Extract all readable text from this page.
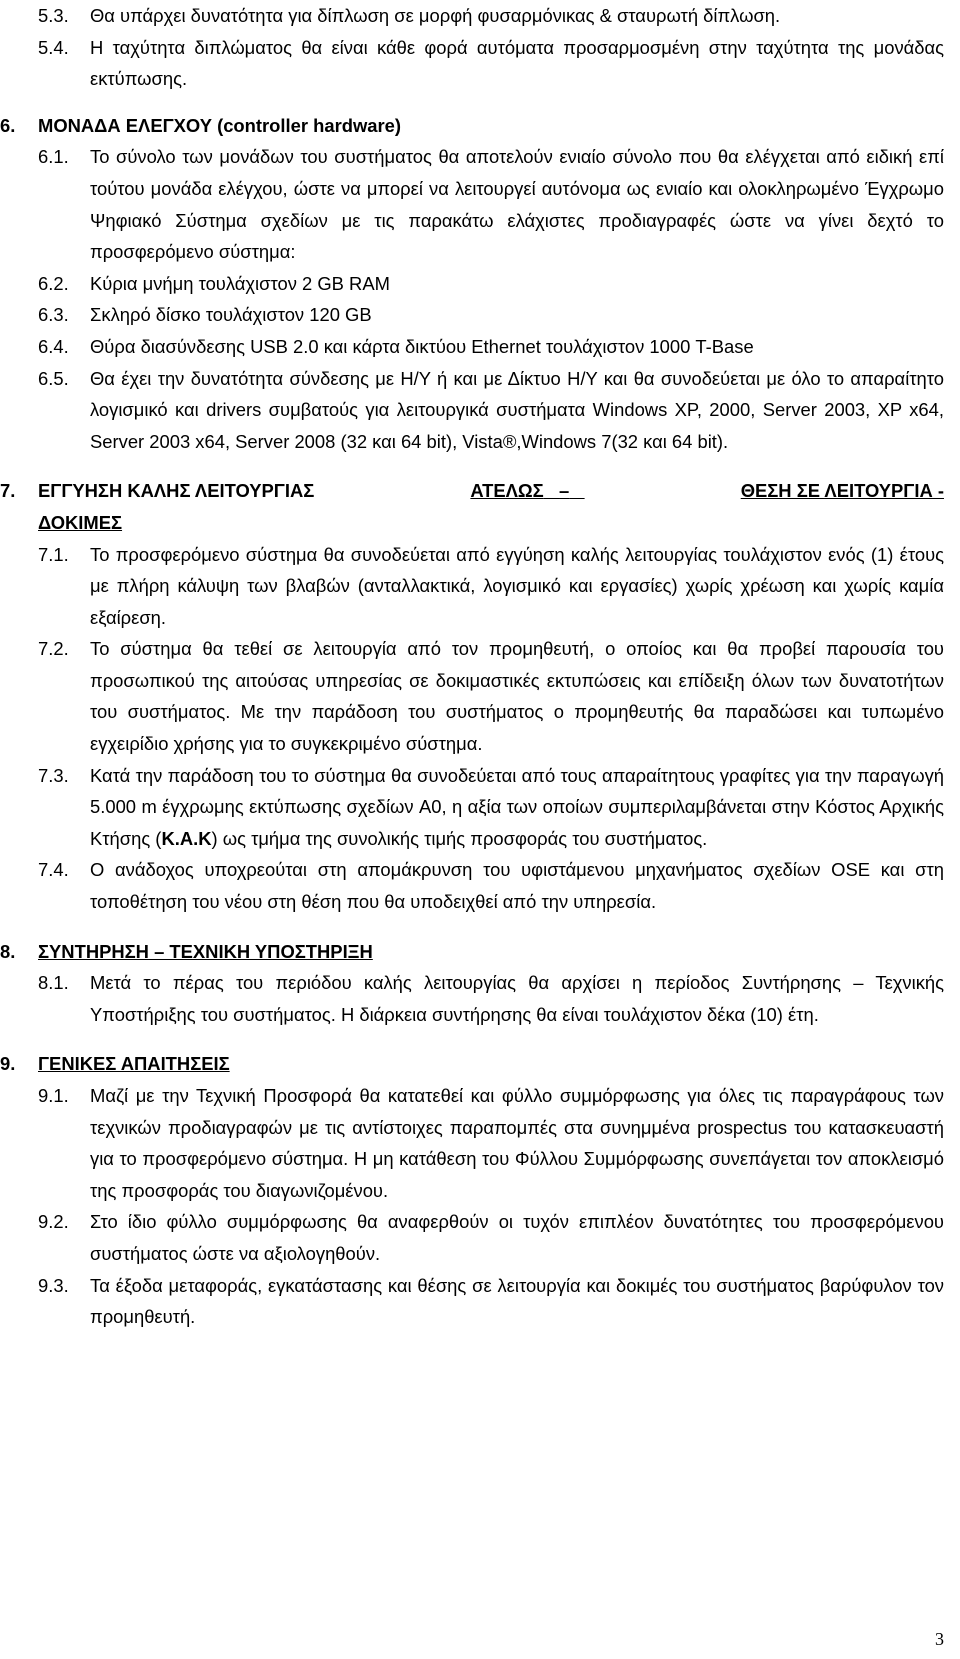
5.3. Θα υπάρχει δυνατότητα για δίπλωση σε μορφή φυσαρμόνικας & σταυρωτή δίπλωση.
5.4. Η ταχύτητα διπλώματος θα είναι κάθε φορά αυτόματα προσαρμοσμένη στην ταχύτητα της μονάδας εκτύπωσης.
6. ΜΟΝΑΔΑ ΕΛΕΓΧΟΥ (controller hardware)
6.1. Το σύνολο των μονάδων του συστήματος θα αποτελούν ενιαίο σύνολο που θα ελέγχεται από ειδική επί τούτου μονάδα ελέγχου, ώστε να μπορεί να λειτουργεί αυτόνομα ως ενιαίο και ολοκληρωμένο Έγχρωμο Ψηφιακό Σύστημα σχεδίων με τις παρακάτω ελάχιστες προδιαγραφές ώστε να γίνει δεχτό το προσφερόμενο σύστημα:
6.2. Κύρια μνήμη τουλάχιστον 2 GB RAM
6.3. Σκληρό δίσκο τουλάχιστον 120 GB
6.4. Θύρα διασύνδεσης USB 2.0 και κάρτα δικτύου Ethernet τουλάχιστον 1000 T-Base
6.5. Θα έχει την δυνατότητα σύνδεσης με Η/Υ ή και με Δίκτυο Η/Υ και θα συνοδεύεται με όλο το απαραίτητο λογισμικό και drivers συμβατούς για λειτουργικά συστήματα Windows XP, 2000, Server 2003, XP x64, Server 2003 x64, Server 2008 (32 και 64 bit), Vista®,Windows 7(32 και 64 bit).
7. ΕΓΓΥΗΣΗ ΚΑΛΗΣ ΛΕΙΤΟΥΡΓΙΑΣ	ΑΤΕΛΩΣ –	ΘΕΣΗ ΣΕ ΛΕΙΤΟΥΡΓΙΑ -
ΔΟΚΙΜΕΣ
7.1. Το προσφερόμενο σύστημα θα συνοδεύεται από εγγύηση καλής λειτουργίας τουλάχιστον ενός (1) έτους με πλήρη κάλυψη των βλαβών (ανταλλακτικά, λογισμικό και εργασίες) χωρίς χρέωση και χωρίς καμία εξαίρεση.
7.2. Το σύστημα θα τεθεί σε λειτουργία από τον προμηθευτή, ο οποίος και θα προβεί παρουσία του προσωπικού της αιτούσας υπηρεσίας σε δοκιμαστικές εκτυπώσεις και επίδειξη όλων των δυνατοτήτων του συστήματος. Με την παράδοση του συστήματος ο προμηθευτής θα παραδώσει και τυπωμένο εγχειρίδιο χρήσης για το συγκεκριμένο σύστημα.
7.3. Κατά την παράδοση του το σύστημα θα συνοδεύεται από τους απαραίτητους γραφίτες για την παραγωγή 5.000 m έγχρωμης εκτύπωσης σχεδίων A0, η αξία των οποίων συμπεριλαμβάνεται στην Κόστος Αρχικής Κτήσης (Κ.Α.Κ) ως τμήμα της συνολικής τιμής προσφοράς του συστήματος.
7.4. Ο ανάδοχος υποχρεούται στη απομάκρυνση του υφιστάμενου μηχανήματος σχεδίων OSE και στη τοποθέτηση του νέου στη θέση που θα υποδειχθεί από την υπηρεσία.
8. ΣΥΝΤΗΡΗΣΗ – ΤΕΧΝΙΚΗ ΥΠΟΣΤΗΡΙΞΗ
8.1. Μετά το πέρας του περιόδου καλής λειτουργίας θα αρχίσει η περίοδος Συντήρησης – Τεχνικής Υποστήριξης του συστήματος. Η διάρκεια συντήρησης θα είναι τουλάχιστον δέκα (10) έτη.
9. ΓΕΝΙΚΕΣ ΑΠΑΙΤΗΣΕΙΣ
9.1. Μαζί με την Τεχνική Προσφορά θα κατατεθεί και φύλλο συμμόρφωσης για όλες τις παραγράφους των τεχνικών προδιαγραφών με τις αντίστοιχες παραπομπές στα συνημμένα prospectus του κατασκευαστή για το προσφερόμενο σύστημα. Η μη κατάθεση του Φύλλου Συμμόρφωσης συνεπάγεται τον αποκλεισμό της προσφοράς του διαγωνιζομένου.
9.2. Στο ίδιο φύλλο συμμόρφωσης θα αναφερθούν οι τυχόν επιπλέον δυνατότητες του προσφερόμενου συστήματος ώστε να αξιολογηθούν.
9.3. Τα έξοδα μεταφοράς, εγκατάστασης και θέσης σε λειτουργία και δοκιμές του συστήματος βαρύφυλον τον προμηθευτή.
3
